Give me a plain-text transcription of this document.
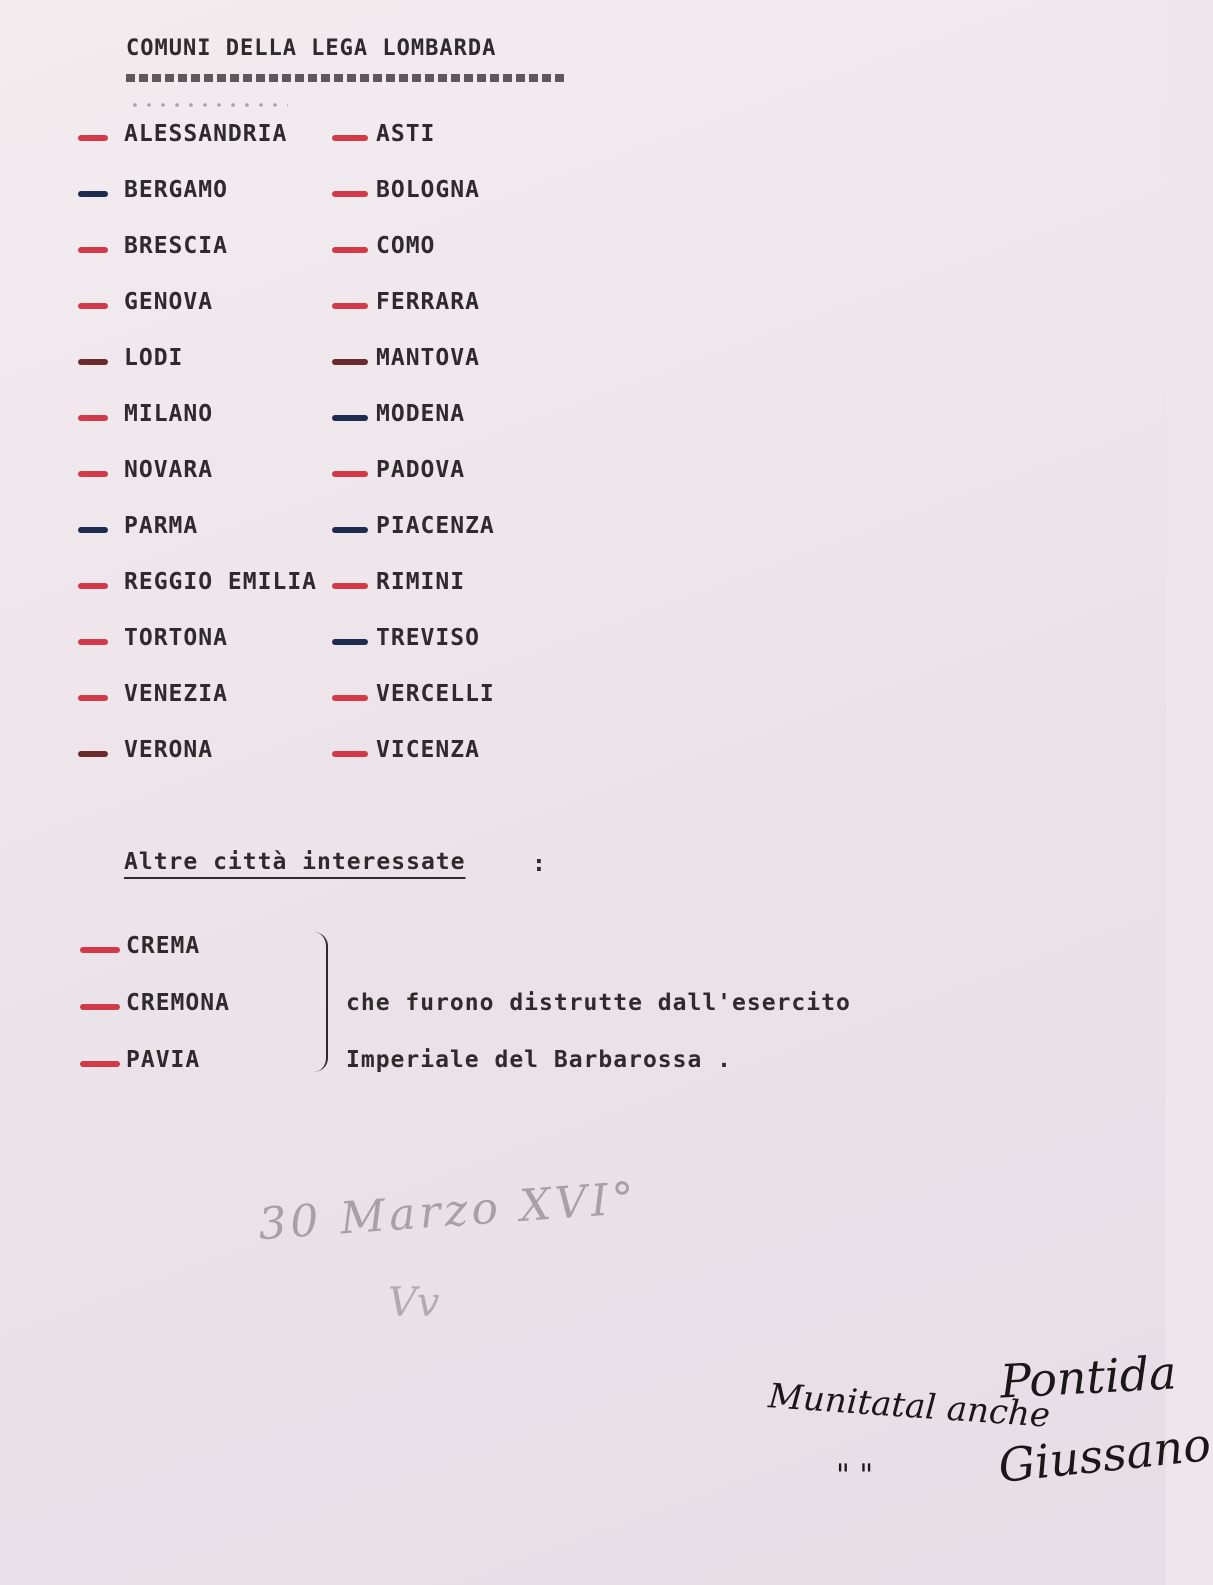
COMUNI DELLA LEGA LOMBARDA
ALESSANDRIA	ASTI
BERGAMO	BOLOGNA
BRESCIA	COMO
GENOVA	FERRARA
LODI	MANTOVA
MILANO	MODENA
NOVARA	PADOVA
PARMA	PIACENZA
REGGIO EMILIA	RIMINI
TORTONA	TREVISO
VENEZIA	VERCELLI
VERONA	VICENZA
Altre città interessate	:
CREMA
CREMONA
PAVIA
che furono distrutte dall'esercito
Imperiale del Barbarossa .
30 Marzo XVI°
Vv
Munitatal anche
Pontida
" "	Giussano
